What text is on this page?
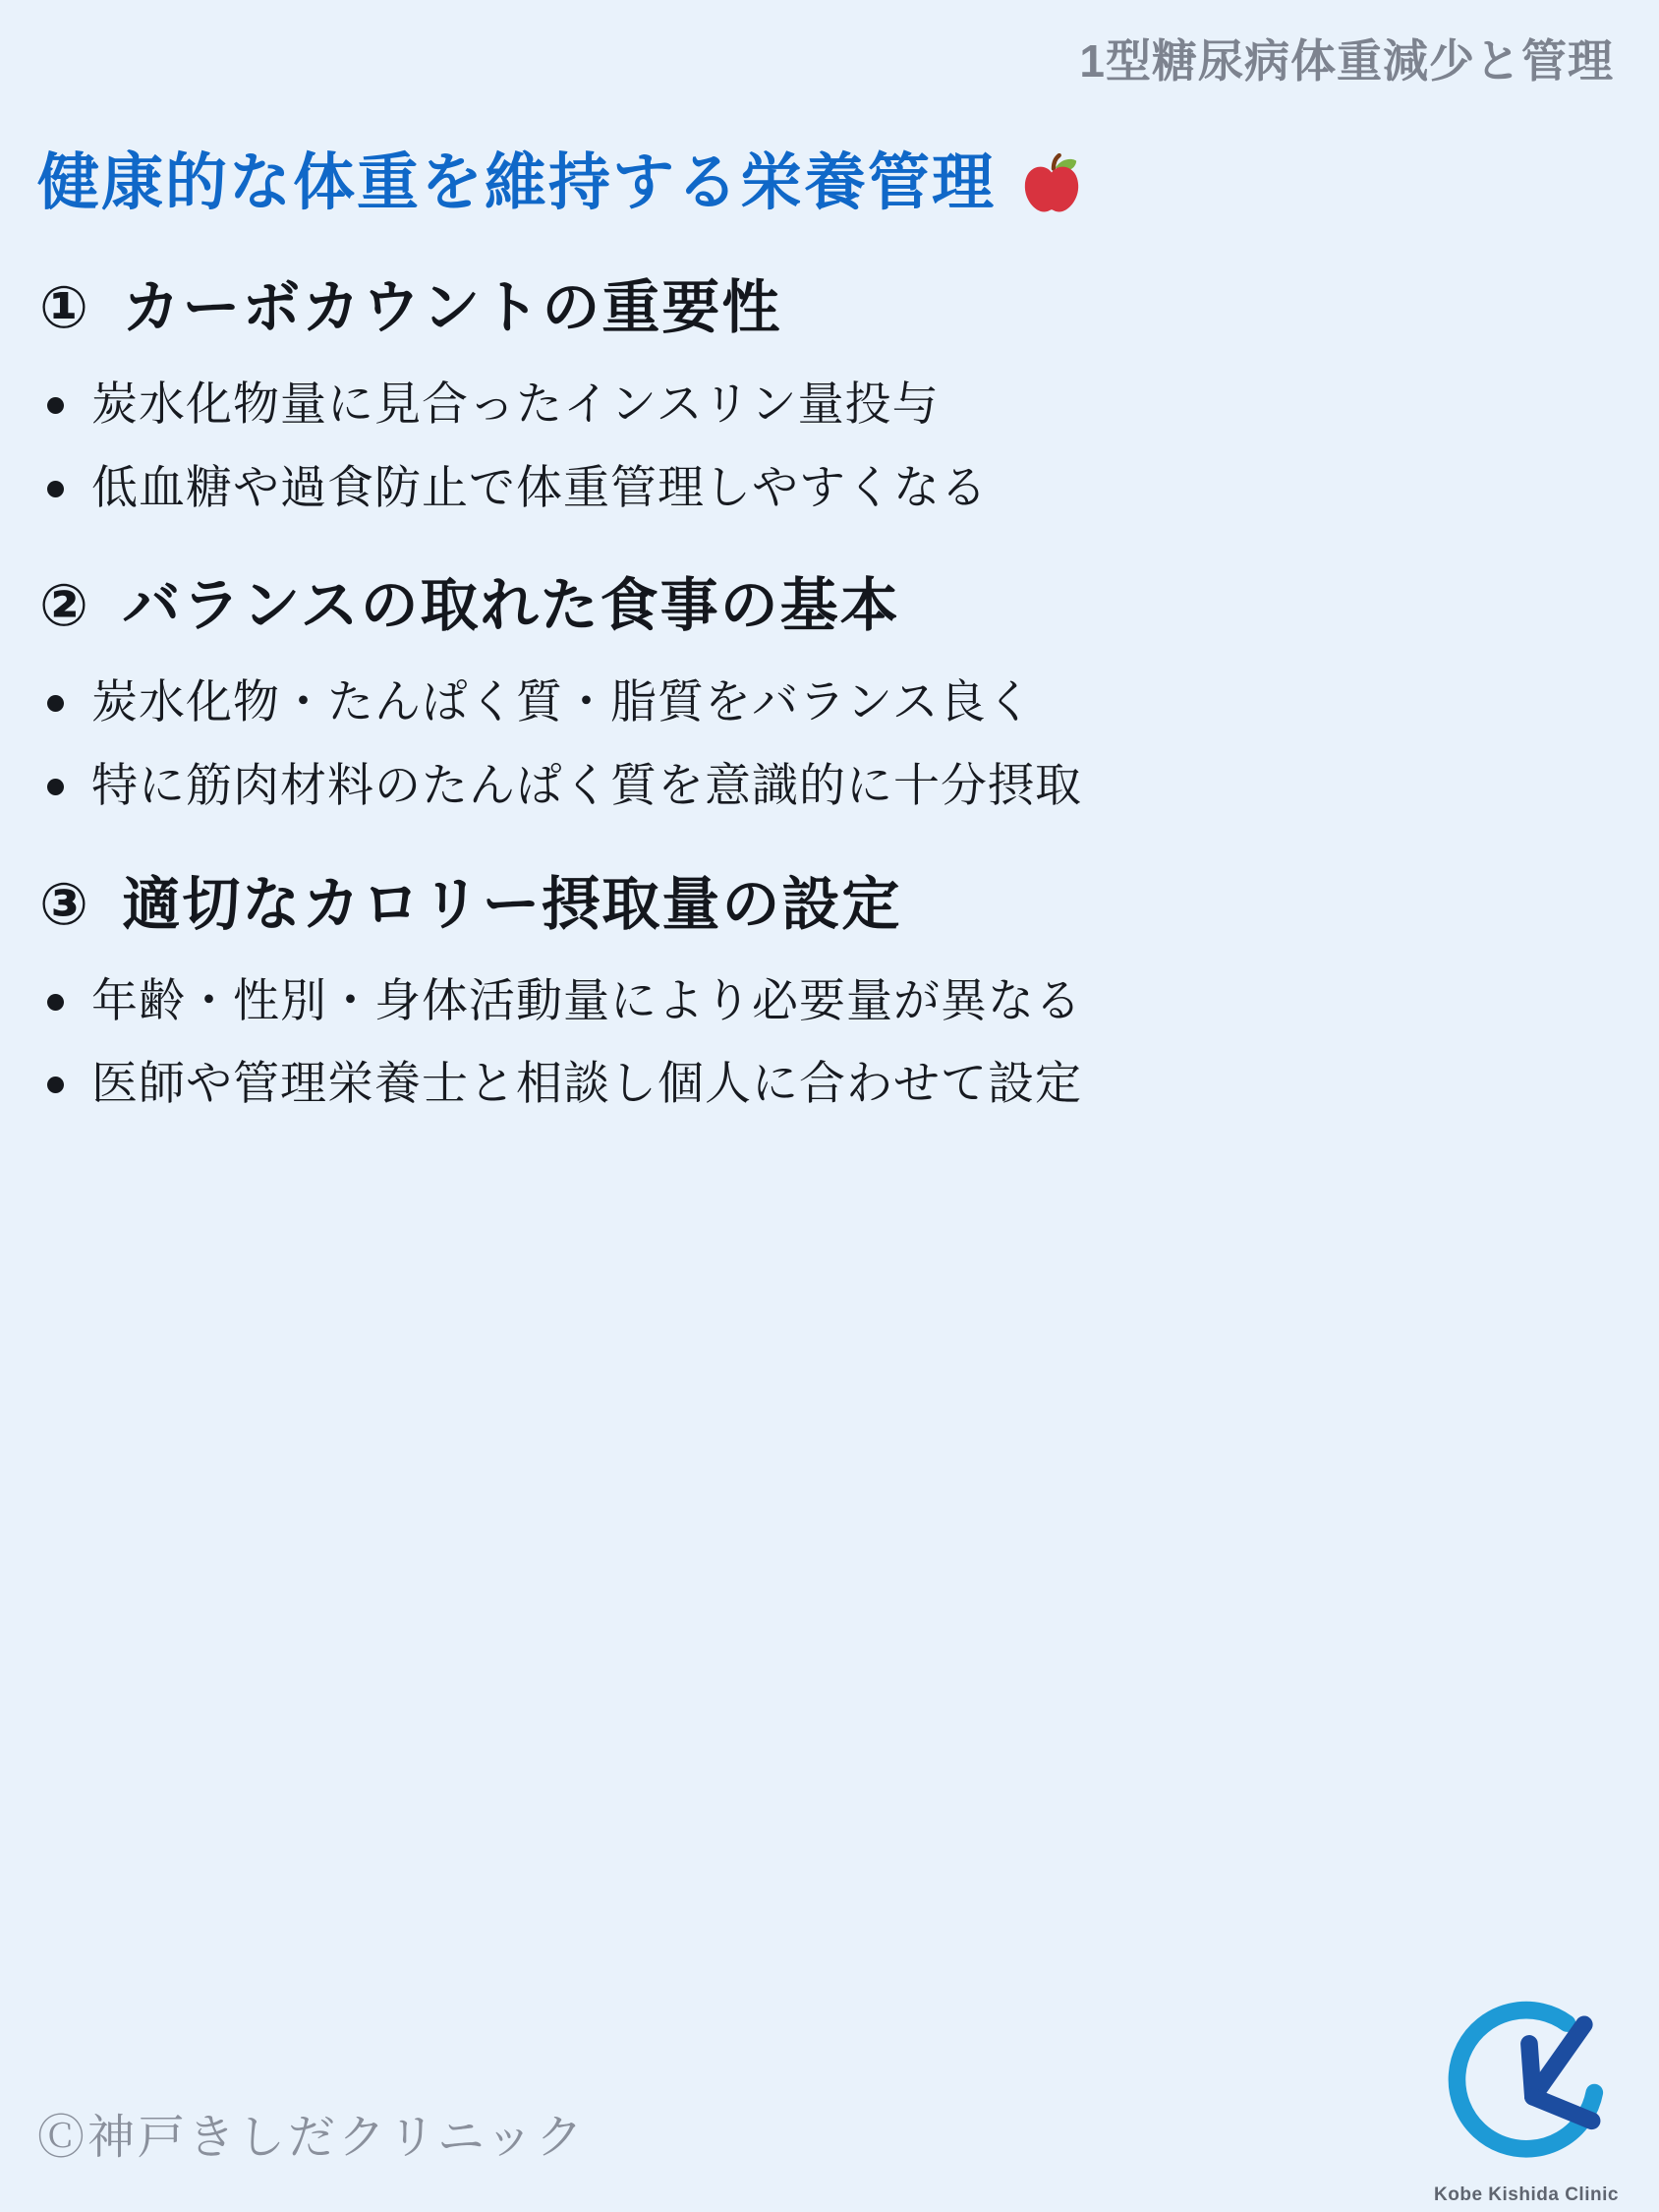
1型糖尿病体重減少と管理
健康的な体重を維持する栄養管理
① カーボカウントの重要性
炭水化物量に見合ったインスリン量投与
低血糖や過食防止で体重管理しやすくなる
② バランスの取れた食事の基本
炭水化物・たんぱく質・脂質をバランス良く
特に筋肉材料のたんぱく質を意識的に十分摂取
③ 適切なカロリー摂取量の設定
年齢・性別・身体活動量により必要量が異なる
医師や管理栄養士と相談し個人に合わせて設定
Ⓒ神戸きしだクリニック
Kobe Kishida Clinic
